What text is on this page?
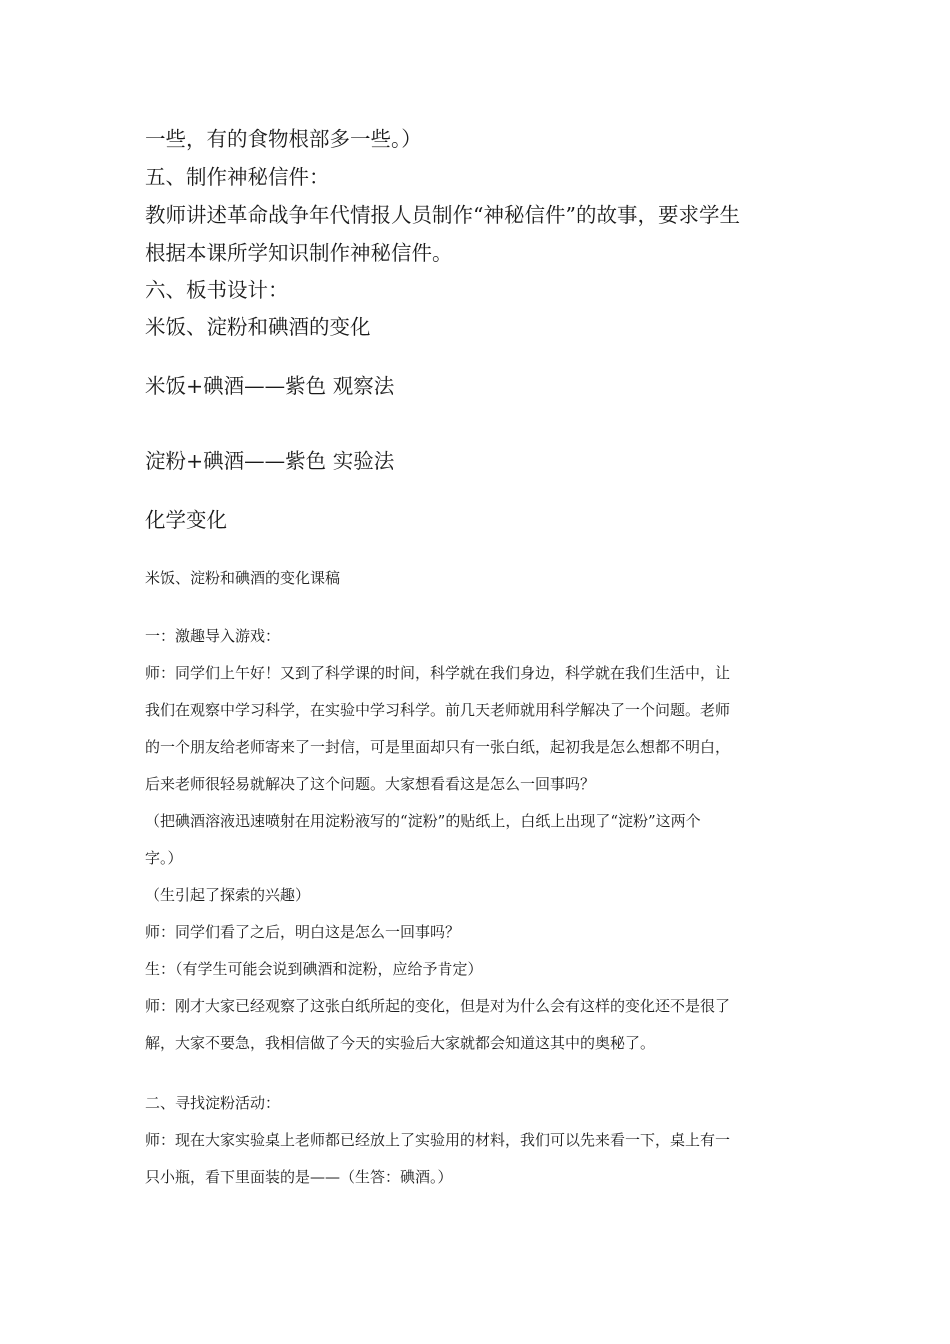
一些，有的食物根部多一些。）

五、制作神秘信件：

教师讲述革命战争年代情报人员制作“神秘信件”的故事，要求学生

根据本课所学知识制作神秘信件。

六、板书设计：

米饭、淀粉和碘酒的变化

米饭+碘酒——紫色 观察法

淀粉+碘酒——紫色 实验法

化学变化

米饭、淀粉和碘酒的变化课稿

一：激趣导入游戏：

师：同学们上午好！又到了科学课的时间，科学就在我们身边，科学就在我们生活中，让

我们在观察中学习科学，在实验中学习科学。前几天老师就用科学解决了一个问题。老师

的一个朋友给老师寄来了一封信，可是里面却只有一张白纸，起初我是怎么想都不明白，

后来老师很轻易就解决了这个问题。大家想看看这是怎么一回事吗？

（把碘酒溶液迅速喷射在用淀粉液写的“淀粉”的贴纸上，白纸上出现了“淀粉”这两个

字。）

（生引起了探索的兴趣）

师：同学们看了之后，明白这是怎么一回事吗？

生：（有学生可能会说到碘酒和淀粉，应给予肯定）

师：刚才大家已经观察了这张白纸所起的变化，但是对为什么会有这样的变化还不是很了

解，大家不要急，我相信做了今天的实验后大家就都会知道这其中的奥秘了。

二、寻找淀粉活动：

师：现在大家实验桌上老师都已经放上了实验用的材料，我们可以先来看一下，桌上有一

只小瓶，看下里面装的是——（生答：碘酒。）
